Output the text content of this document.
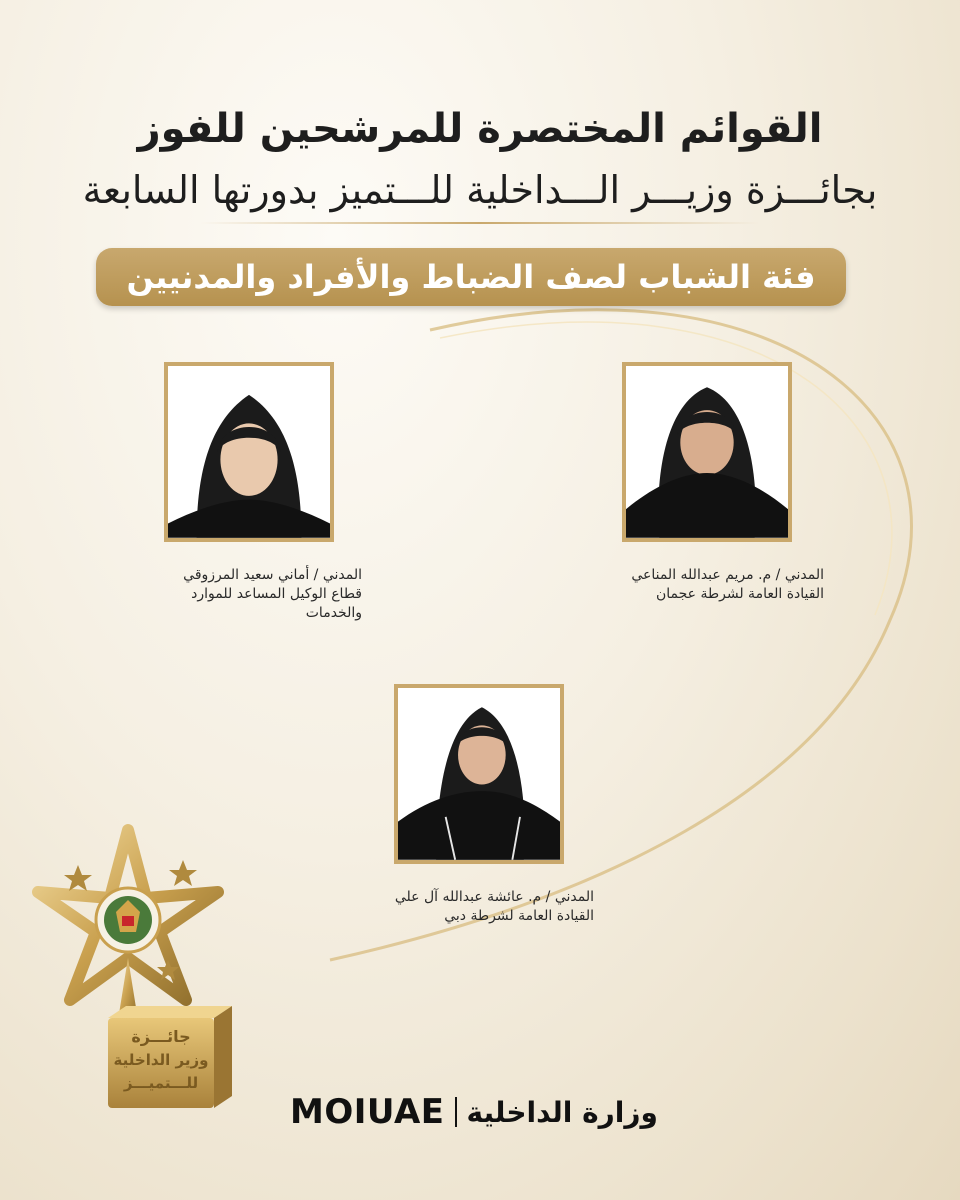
القوائم المختصرة للمرشحين للفوز
بجائـــزة وزيـــر الـــداخلية للـــتميز بدورتها السابعة
فئة الشباب لصف الضباط والأفراد والمدنيين
المدني / أماني سعيد المرزوقي
قطاع الوكيل المساعد للموارد
والخدمات
المدني / م. مريم عبدالله المناعي
القيادة العامة لشرطة عجمان
المدني / م. عائشة عبدالله آل علي
القيادة العامة لشرطة دبي
جائـــزة
وزير الداخلية
للـــتميـــز
MOIUAE وزارة الداخلية
